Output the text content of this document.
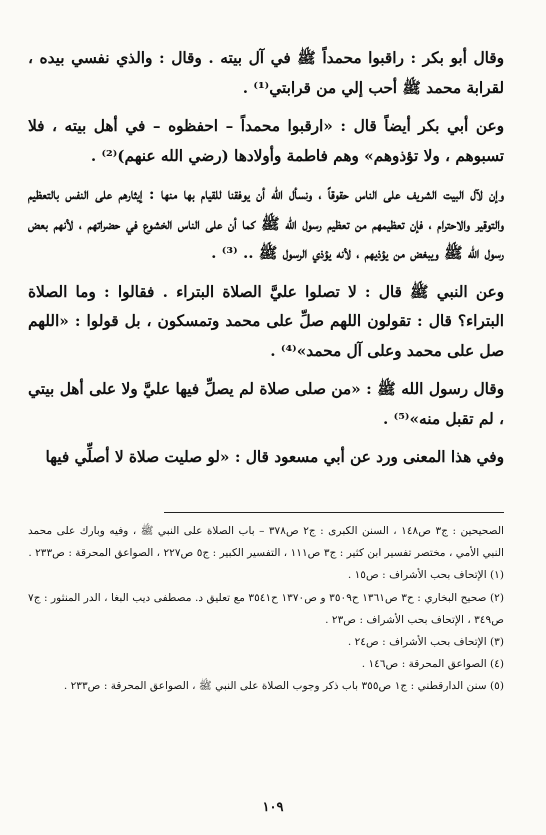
وقال أبو بكر : راقبوا محمداً ﷺ في آل بيته . وقال : والذي نفسي بيده ، لقرابة محمد ﷺ أحب إلي من قرابتي⁽¹⁾ .

وعن أبي بكر أيضاً قال : «ارقبوا محمداً – احفظوه – في أهل بيته ، فلا تسبوهم ، ولا تؤذوهم» وهم فاطمة وأولادها (رضي الله عنهم)⁽²⁾ .

وإن لآل البيت الشريف على الناس حقوقاً ، ونسأل الله أن يوفقنا للقيام بها منها : إيثارهم على النفس بالتعظيم والتوقير والاحترام ، فإن تعظيمهم من تعظيم رسول الله ﷺ كما أن على الناس الخشوع في حضراتهم ، لأنهم بعض رسول الله ﷺ ويبغض من يؤذيهم ، لأنه يؤذي الرسول ﷺ .. ⁽³⁾ .

وعن النبي ﷺ قال : لا تصلوا عليَّ الصلاة البتراء . فقالوا : وما الصلاة البتراء؟ قال : تقولون اللهم صلِّ على محمد وتمسكون ، بل قولوا : «اللهم صل على محمد وعلى آل محمد»⁽⁴⁾ .

وقال رسول الله ﷺ : «من صلى صلاة لم يصلِّ فيها عليَّ ولا على أهل بيتي ، لم تقبل منه»⁽⁵⁾ .

وفي هذا المعنى ورد عن أبي مسعود قال : «لو صليت صلاة لا أصلِّي فيها

الصحيحين : ج٣ ص١٤٨ ، السنن الكبرى : ج٢ ص٣٧٨ – باب الصلاة على النبي ﷺ ، وفيه وبارك على محمد النبي الأمي ، مختصر تفسير ابن كثير : ج٣ ص١١١ ، التفسير الكبير : ج٥ ص٢٢٧ ، الصواعق المحرقة : ص٢٣٣ .

(١) الإتحاف بحب الأشراف : ص١٥ .

(٢) صحيح البخاري : ح٣ ص١٣٦١ ح٣٥٠٩ و ص١٣٧٠ ح٣٥٤١ مع تعليق د. مصطفى ديب البغا ، الدر المنثور : ج٧ ص٣٤٩ ، الإتحاف بحب الأشراف : ص٢٣ .

(٣) الإتحاف بحب الأشراف : ص٢٤ .

(٤) الصواعق المحرقة : ص١٤٦ .

(٥) سنن الدارقطني : ج١ ص٣٥٥ باب ذكر وجوب الصلاة على النبي ﷺ ، الصواعق المحرقة : ص٢٣٣ .

١٠٩
